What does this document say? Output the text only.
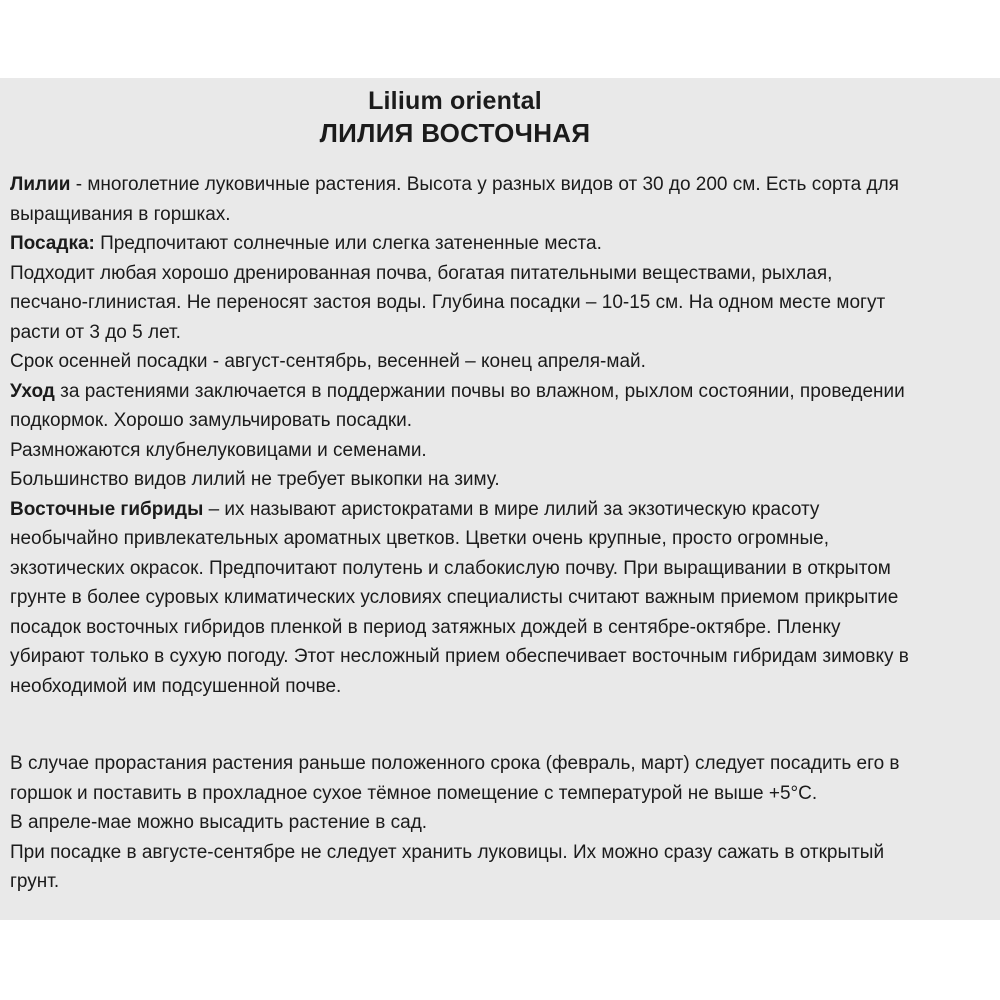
Lilium oriental
ЛИЛИЯ ВОСТОЧНАЯ
Лилии - многолетние луковичные растения. Высота у разных видов от 30 до 200 см. Есть сорта для
выращивания в горшках.
Посадка: Предпочитают солнечные или слегка затененные места.
Подходит любая хорошо дренированная почва, богатая питательными веществами, рыхлая,
песчано-глинистая. Не переносят застоя воды. Глубина посадки – 10-15 см. На одном месте могут
расти от 3 до 5 лет.
Срок осенней посадки - август-сентябрь, весенней – конец апреля-май.
Уход за растениями заключается в поддержании почвы во влажном, рыхлом состоянии, проведении
подкормок. Хорошо замульчировать посадки.
Размножаются клубнелуковицами и семенами.
Большинство видов лилий не требует выкопки на зиму.
Восточные гибриды – их называют аристократами в мире лилий за экзотическую красоту
необычайно привлекательных ароматных цветков. Цветки очень крупные, просто огромные,
экзотических окрасок. Предпочитают полутень и слабокислую почву. При выращивании в открытом
грунте в более суровых климатических условиях специалисты считают важным приемом прикрытие
посадок восточных гибридов пленкой в период затяжных дождей в сентябре-октябре. Пленку
убирают только в сухую погоду. Этот несложный прием обеспечивает восточным гибридам зимовку в
необходимой им подсушенной почве.
В случае прорастания растения раньше положенного срока (февраль, март) следует посадить его в
горшок и поставить в прохладное сухое тёмное помещение с температурой не выше +5°С.
В апреле-мае можно высадить растение в сад.
При посадке в августе-сентябре не следует хранить луковицы. Их можно сразу сажать в открытый
грунт.
